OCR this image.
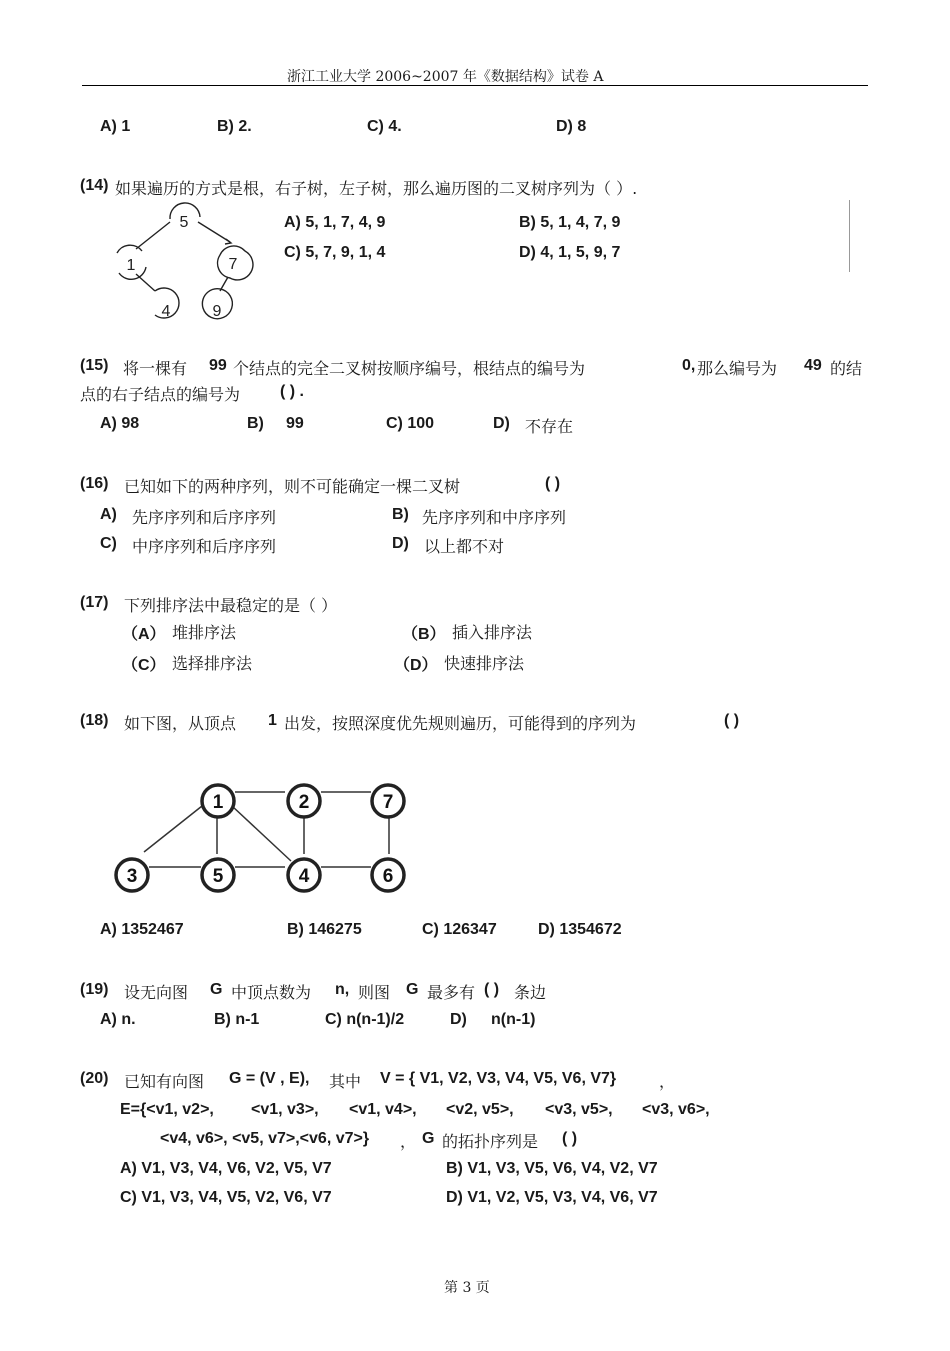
浙江工业大学 2006~2007 年《数据结构》试卷 A
A) 1	B) 2.	C) 4.	D) 8
(14) 如果遍历的方式是根，右子树，左子树，那么遍历图的二叉树序列为（ ）.
5
1	7
4	9
A) 5, 1, 7, 4, 9	B) 5, 1, 4, 7, 9
C) 5, 7, 9, 1, 4	D) 4, 1, 5, 9, 7
(15) 将一棵有 99 个结点的完全二叉树按顺序编号，根结点的编号为	0, 那么编号为 49 的结
点的右子结点的编号为 ( ) .
A) 98	B) 99	C) 100	D) 不存在
(16) 已知如下的两种序列，则不可能确定一棵二叉树	( )
A) 先序序列和后序序列	B) 先序序列和中序序列
C) 中序序列和后序序列	D) 以上都不对
(17) 下列排序法中最稳定的是（ ）
（A） 堆排序法	（B） 插入排序法
（C） 选择排序法	（D） 快速排序法
(18) 如下图，从顶点 1 出发，按照深度优先规则遍历，可能得到的序列为	( )
1	2	7
3	5	4	6
A) 1352467	B) 146275	C) 126347	D) 1354672
(19) 设无向图 G 中顶点数为 n, 则图 G 最多有 ( ) 条边
A) n.	B) n-1	C) n(n-1)/2	D) n(n-1)
(20) 已知有向图 G = (V , E), 其中 V = { V1, V2, V3, V4, V5, V6, V7}	，
E={<v1, v2>, <v1, v3>, <v1, v4>, <v2, v5>, <v3, v5>, <v3, v6>,
<v4, v6>, <v5, v7>,<v6, v7>} ， G 的拓扑序列是 ( )
A) V1, V3, V4, V6, V2, V5, V7	B) V1, V3, V5, V6, V4, V2, V7
C) V1, V3, V4, V5, V2, V6, V7	D) V1, V2, V5, V3, V4, V6, V7
第 3 页
